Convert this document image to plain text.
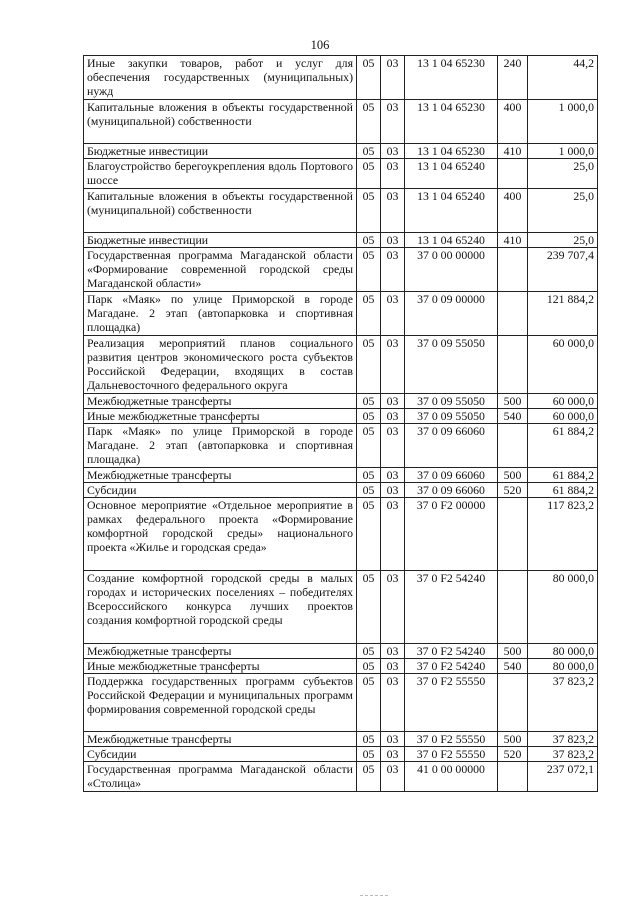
106
Иные закупки товаров, работ и услуг для обеспечения государственных (муниципальных) нужд	05	03	13 1 04 65230	240	44,2
Капитальные вложения в объекты государственной (муниципальной) собственности	05	03	13 1 04 65230	400	1 000,0
Бюджетные инвестиции	05	03	13 1 04 65230	410	1 000,0
Благоустройство берегоукрепления вдоль Портового шоссе	05	03	13 1 04 65240		25,0
Капитальные вложения в объекты государственной (муниципальной) собственности	05	03	13 1 04 65240	400	25,0
Бюджетные инвестиции	05	03	13 1 04 65240	410	25,0
Государственная программа Магаданской области «Формирование современной городской среды Магаданской области»	05	03	37 0 00 00000		239 707,4
Парк «Маяк» по улице Приморской в городе Магадане. 2 этап (автопарковка и спортивная площадка)	05	03	37 0 09 00000		121 884,2
Реализация мероприятий планов социального развития центров экономического роста субъектов Российской Федерации, входящих в состав Дальневосточного федерального округа	05	03	37 0 09 55050		60 000,0
Межбюджетные трансферты	05	03	37 0 09 55050	500	60 000,0
Иные межбюджетные трансферты	05	03	37 0 09 55050	540	60 000,0
Парк «Маяк» по улице Приморской в городе Магадане. 2 этап (автопарковка и спортивная площадка)	05	03	37 0 09 66060		61 884,2
Межбюджетные трансферты	05	03	37 0 09 66060	500	61 884,2
Субсидии	05	03	37 0 09 66060	520	61 884,2
Основное мероприятие «Отдельное мероприятие в рамках федерального проекта «Формирование комфортной городской среды» национального проекта «Жилье и городская среда»	05	03	37 0 F2 00000		117 823,2
Создание комфортной городской среды в малых городах и исторических поселениях – победителях Всероссийского конкурса лучших проектов создания комфортной городской среды	05	03	37 0 F2 54240		80 000,0
Межбюджетные трансферты	05	03	37 0 F2 54240	500	80 000,0
Иные межбюджетные трансферты	05	03	37 0 F2 54240	540	80 000,0
Поддержка государственных программ субъектов Российской Федерации и муниципальных программ формирования современной городской среды	05	03	37 0 F2 55550		37 823,2
Межбюджетные трансферты	05	03	37 0 F2 55550	500	37 823,2
Субсидии	05	03	37 0 F2 55550	520	37 823,2
Государственная программа Магаданской области «Столица»	05	03	41 0 00 00000		237 072,1
